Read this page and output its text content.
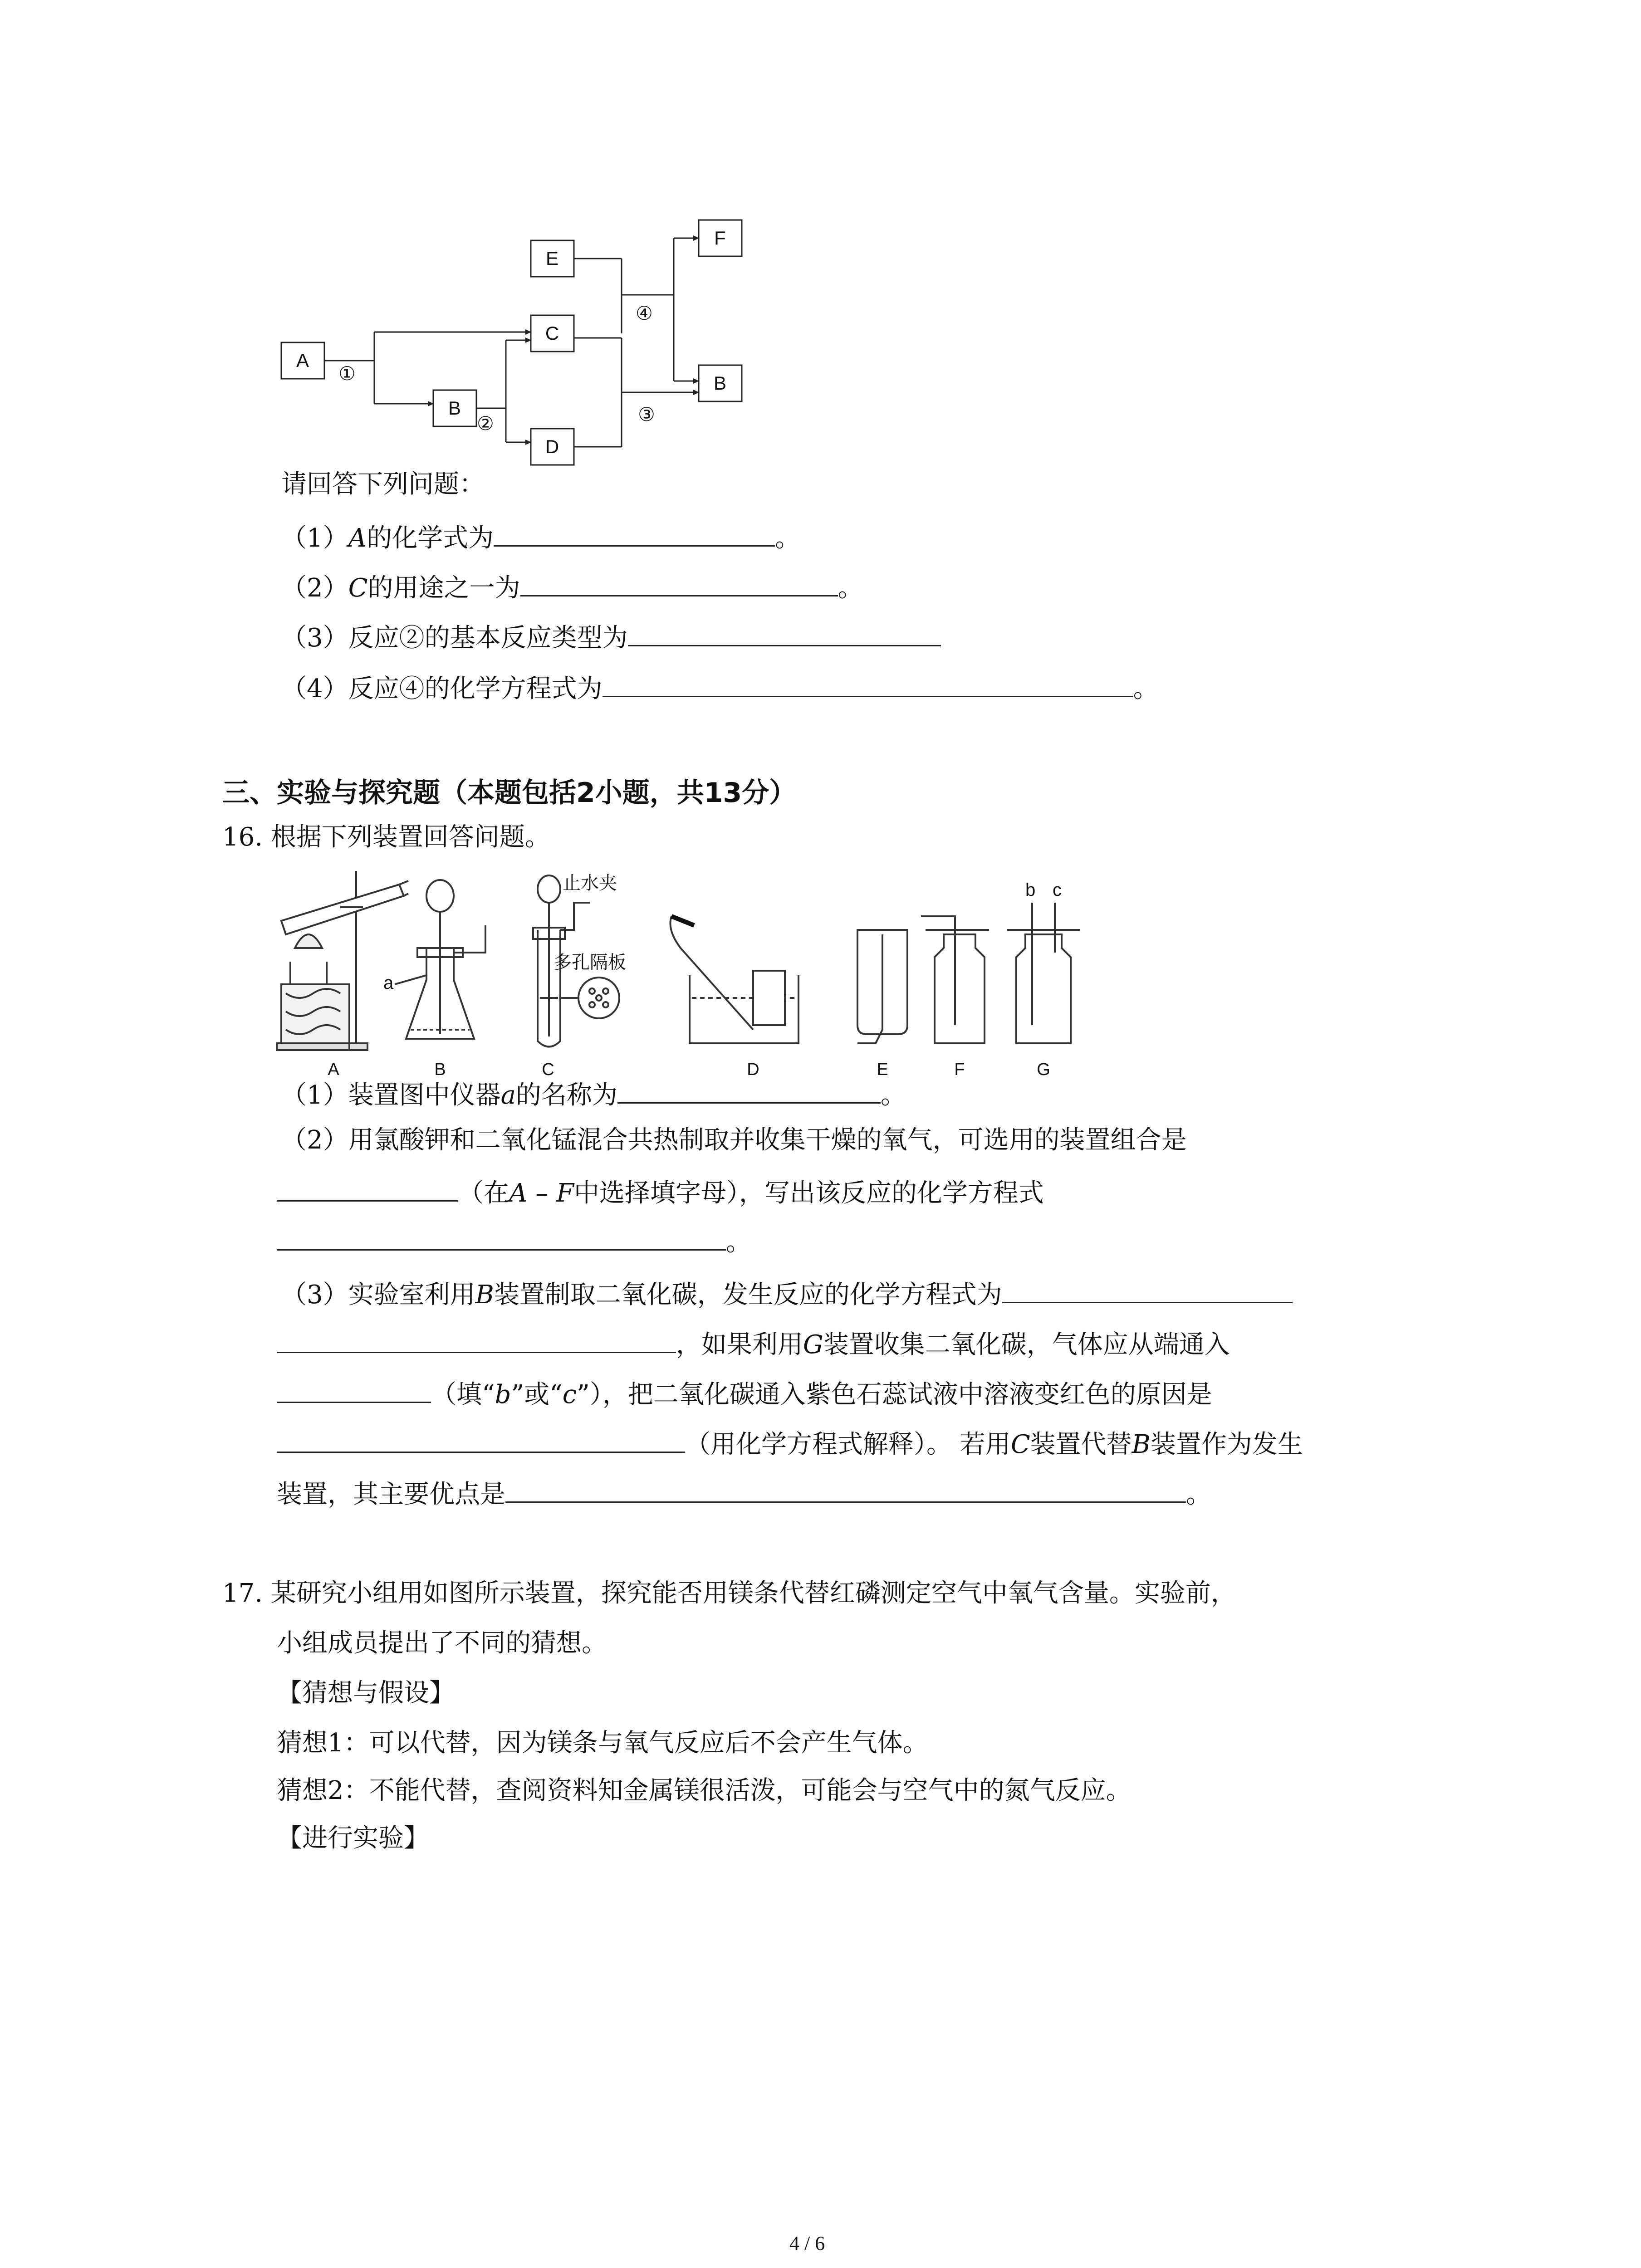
A
B
E
C
D
F
B
①
②	③
④
请回答下列问题：
（1）A的化学式为	。
（2）C的用途之一为	。
（3）反应②的基本反应类型为
（4）反应④的化学方程式为	。
三、实验与探究题（本题包括2小题，共13分）
16. 根据下列装置回答问题。
止水夹
多孔隔板
a
b c
A	B	C	D	E	F	G
（1）装置图中仪器a的名称为	。
（2）用氯酸钾和二氧化锰混合共热制取并收集干燥的氧气，可选用的装置组合是
（在A – F中选择填字母），写出该反应的化学方程式
。
（3）实验室利用B装置制取二氧化碳，发生反应的化学方程式为
，如果利用G装置收集二氧化碳，气体应从端通入
（填“b”或“c”），把二氧化碳通入紫色石蕊试液中溶液变红色的原因是
（用化学方程式解释）。 若用C装置代替B装置作为发生
装置，其主要优点是	。
17. 某研究小组用如图所示装置，探究能否用镁条代替红磷测定空气中氧气含量。实验前，
小组成员提出了不同的猜想。
【猜想与假设】
猜想1：可以代替，因为镁条与氧气反应后不会产生气体。
猜想2：不能代替，查阅资料知金属镁很活泼，可能会与空气中的氮气反应。
【进行实验】
4 / 6
